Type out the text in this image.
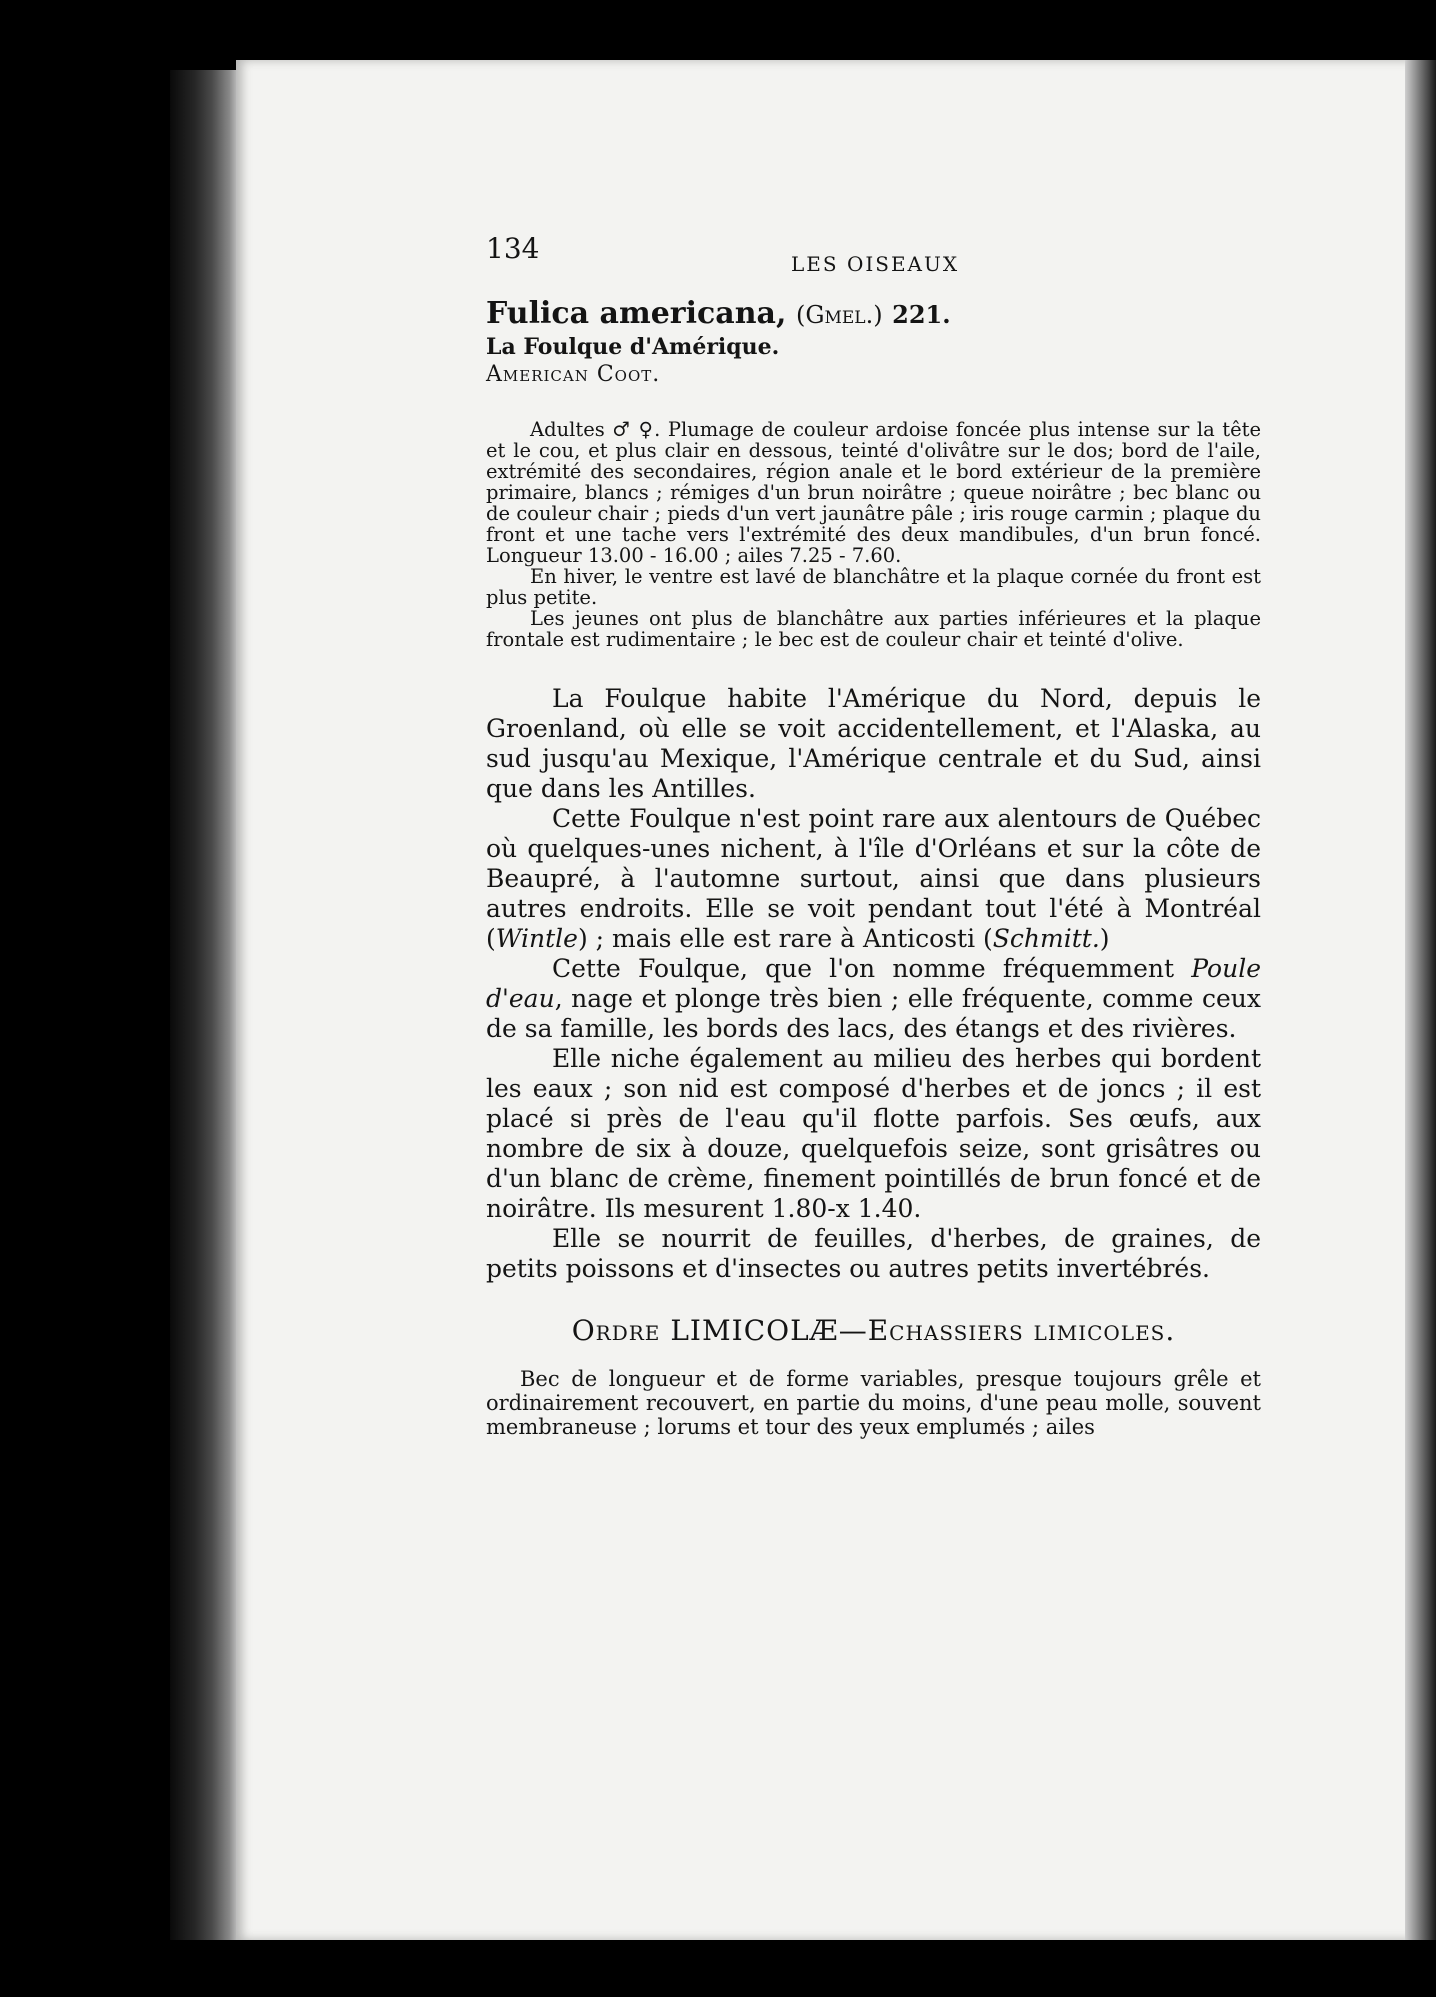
134	LES OISEAUX
Fulica americana, (Gmel.) 221.
La Foulque d'Amérique.
American Coot.

Adultes ♂ ♀. Plumage de couleur ardoise foncée plus intense sur la tête et le cou, et plus clair en dessous, teinté d'olivâtre sur le dos; bord de l'aile, extrémité des secondaires, région anale et le bord extérieur de la première primaire, blancs ; rémiges d'un brun noirâtre ; queue noirâtre ; bec blanc ou de couleur chair ; pieds d'un vert jaunâtre pâle ; iris rouge carmin ; plaque du front et une tache vers l'extrémité des deux mandibules, d'un brun foncé. Longueur 13.00 - 16.00 ; ailes 7.25 - 7.60.

En hiver, le ventre est lavé de blanchâtre et la plaque cornée du front est plus petite.

Les jeunes ont plus de blanchâtre aux parties inférieures et la plaque frontale est rudimentaire ; le bec est de couleur chair et teinté d'olive.

La Foulque habite l'Amérique du Nord, depuis le Groenland, où elle se voit accidentellement, et l'Alaska, au sud jusqu'au Mexique, l'Amérique centrale et du Sud, ainsi que dans les Antilles.

Cette Foulque n'est point rare aux alentours de Québec où quelques-unes nichent, à l'île d'Orléans et sur la côte de Beaupré, à l'automne surtout, ainsi que dans plusieurs autres endroits. Elle se voit pendant tout l'été à Montréal (Wintle) ; mais elle est rare à Anticosti (Schmitt.)

Cette Foulque, que l'on nomme fréquemment Poule d'eau, nage et plonge très bien ; elle fréquente, comme ceux de sa famille, les bords des lacs, des étangs et des rivières.

Elle niche également au milieu des herbes qui bordent les eaux ; son nid est composé d'herbes et de joncs ; il est placé si près de l'eau qu'il flotte parfois. Ses œufs, aux nombre de six à douze, quelquefois seize, sont grisâtres ou d'un blanc de crème, finement pointillés de brun foncé et de noirâtre. Ils mesurent 1.80-x 1.40.

Elle se nourrit de feuilles, d'herbes, de graines, de petits poissons et d'insectes ou autres petits invertébrés.

Ordre LIMICOLÆ—Echassiers limicoles.

Bec de longueur et de forme variables, presque toujours grêle et ordinairement recouvert, en partie du moins, d'une peau molle, souvent membraneuse ; lorums et tour des yeux emplumés ; ailes
